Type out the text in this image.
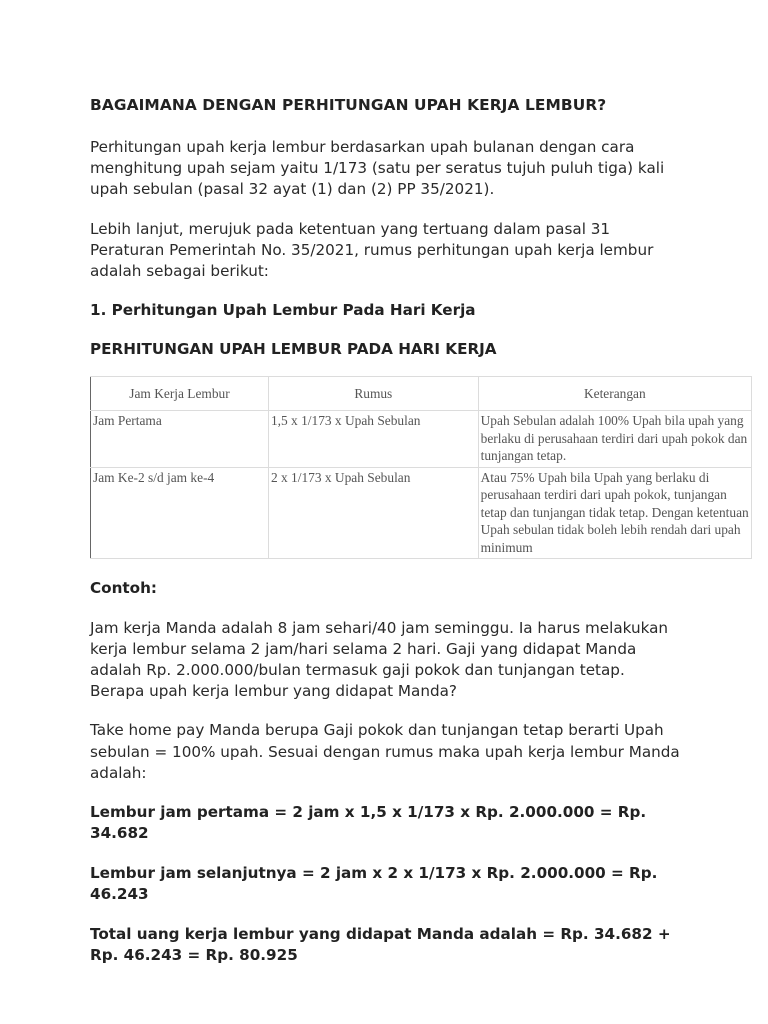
BAGAIMANA DENGAN PERHITUNGAN UPAH KERJA LEMBUR?

Perhitungan upah kerja lembur berdasarkan upah bulanan dengan cara menghitung upah sejam yaitu 1/173 (satu per seratus tujuh puluh tiga) kali upah sebulan (pasal 32 ayat (1) dan (2) PP 35/2021).

Lebih lanjut, merujuk pada ketentuan yang tertuang dalam pasal 31 Peraturan Pemerintah No. 35/2021, rumus perhitungan upah kerja lembur adalah sebagai berikut:

1. Perhitungan Upah Lembur Pada Hari Kerja
PERHITUNGAN UPAH LEMBUR PADA HARI KERJA
Jam Kerja Lembur	Rumus	Keterangan
Jam Pertama	1,5 x 1/173 x Upah Sebulan	Upah Sebulan adalah 100% Upah bila upah yang berlaku di perusahaan terdiri dari upah pokok dan tunjangan tetap.
Jam Ke-2 s/d jam ke-4	2 x 1/173 x Upah Sebulan	Atau 75% Upah bila Upah yang berlaku di perusahaan terdiri dari upah pokok, tunjangan tetap dan tunjangan tidak tetap. Dengan ketentuan Upah sebulan tidak boleh lebih rendah dari upah minimum
Contoh:

Jam kerja Manda adalah 8 jam sehari/40 jam seminggu. Ia harus melakukan kerja lembur selama 2 jam/hari selama 2 hari. Gaji yang didapat Manda adalah Rp. 2.000.000/bulan termasuk gaji pokok dan tunjangan tetap. Berapa upah kerja lembur yang didapat Manda?

Take home pay Manda berupa Gaji pokok dan tunjangan tetap berarti Upah sebulan = 100% upah. Sesuai dengan rumus maka upah kerja lembur Manda adalah:

Lembur jam pertama = 2 jam x 1,5 x 1/173 x Rp. 2.000.000 = Rp. 34.682
Lembur jam selanjutnya = 2 jam x 2 x 1/173 x Rp. 2.000.000 = Rp. 46.243
Total uang kerja lembur yang didapat Manda adalah = Rp. 34.682 + Rp. 46.243 = Rp. 80.925
